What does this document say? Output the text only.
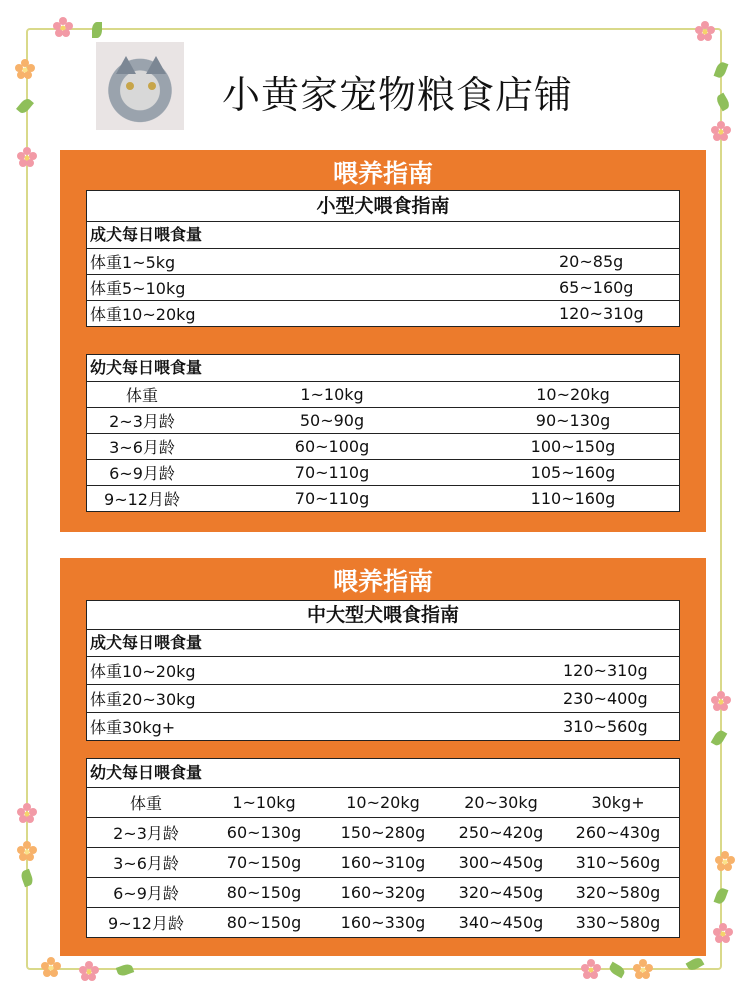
小黄家宠物粮食店铺
喂养指南
小型犬喂食指南
成犬每日喂食量
体重1~5kg	20~85g
体重5~10kg	65~160g
体重10~20kg	120~310g
幼犬每日喂食量
体重	1~10kg	10~20kg
2~3月龄	50~90g	90~130g
3~6月龄	60~100g	100~150g
6~9月龄	70~110g	105~160g
9~12月龄	70~110g	110~160g
喂养指南
中大型犬喂食指南
成犬每日喂食量
体重10~20kg	120~310g
体重20~30kg	230~400g
体重30kg+	310~560g
幼犬每日喂食量
体重	1~10kg	10~20kg	20~30kg	30kg+
2~3月龄	60~130g	150~280g	250~420g	260~430g
3~6月龄	70~150g	160~310g	300~450g	310~560g
6~9月龄	80~150g	160~320g	320~450g	320~580g
9~12月龄	80~150g	160~330g	340~450g	330~580g
